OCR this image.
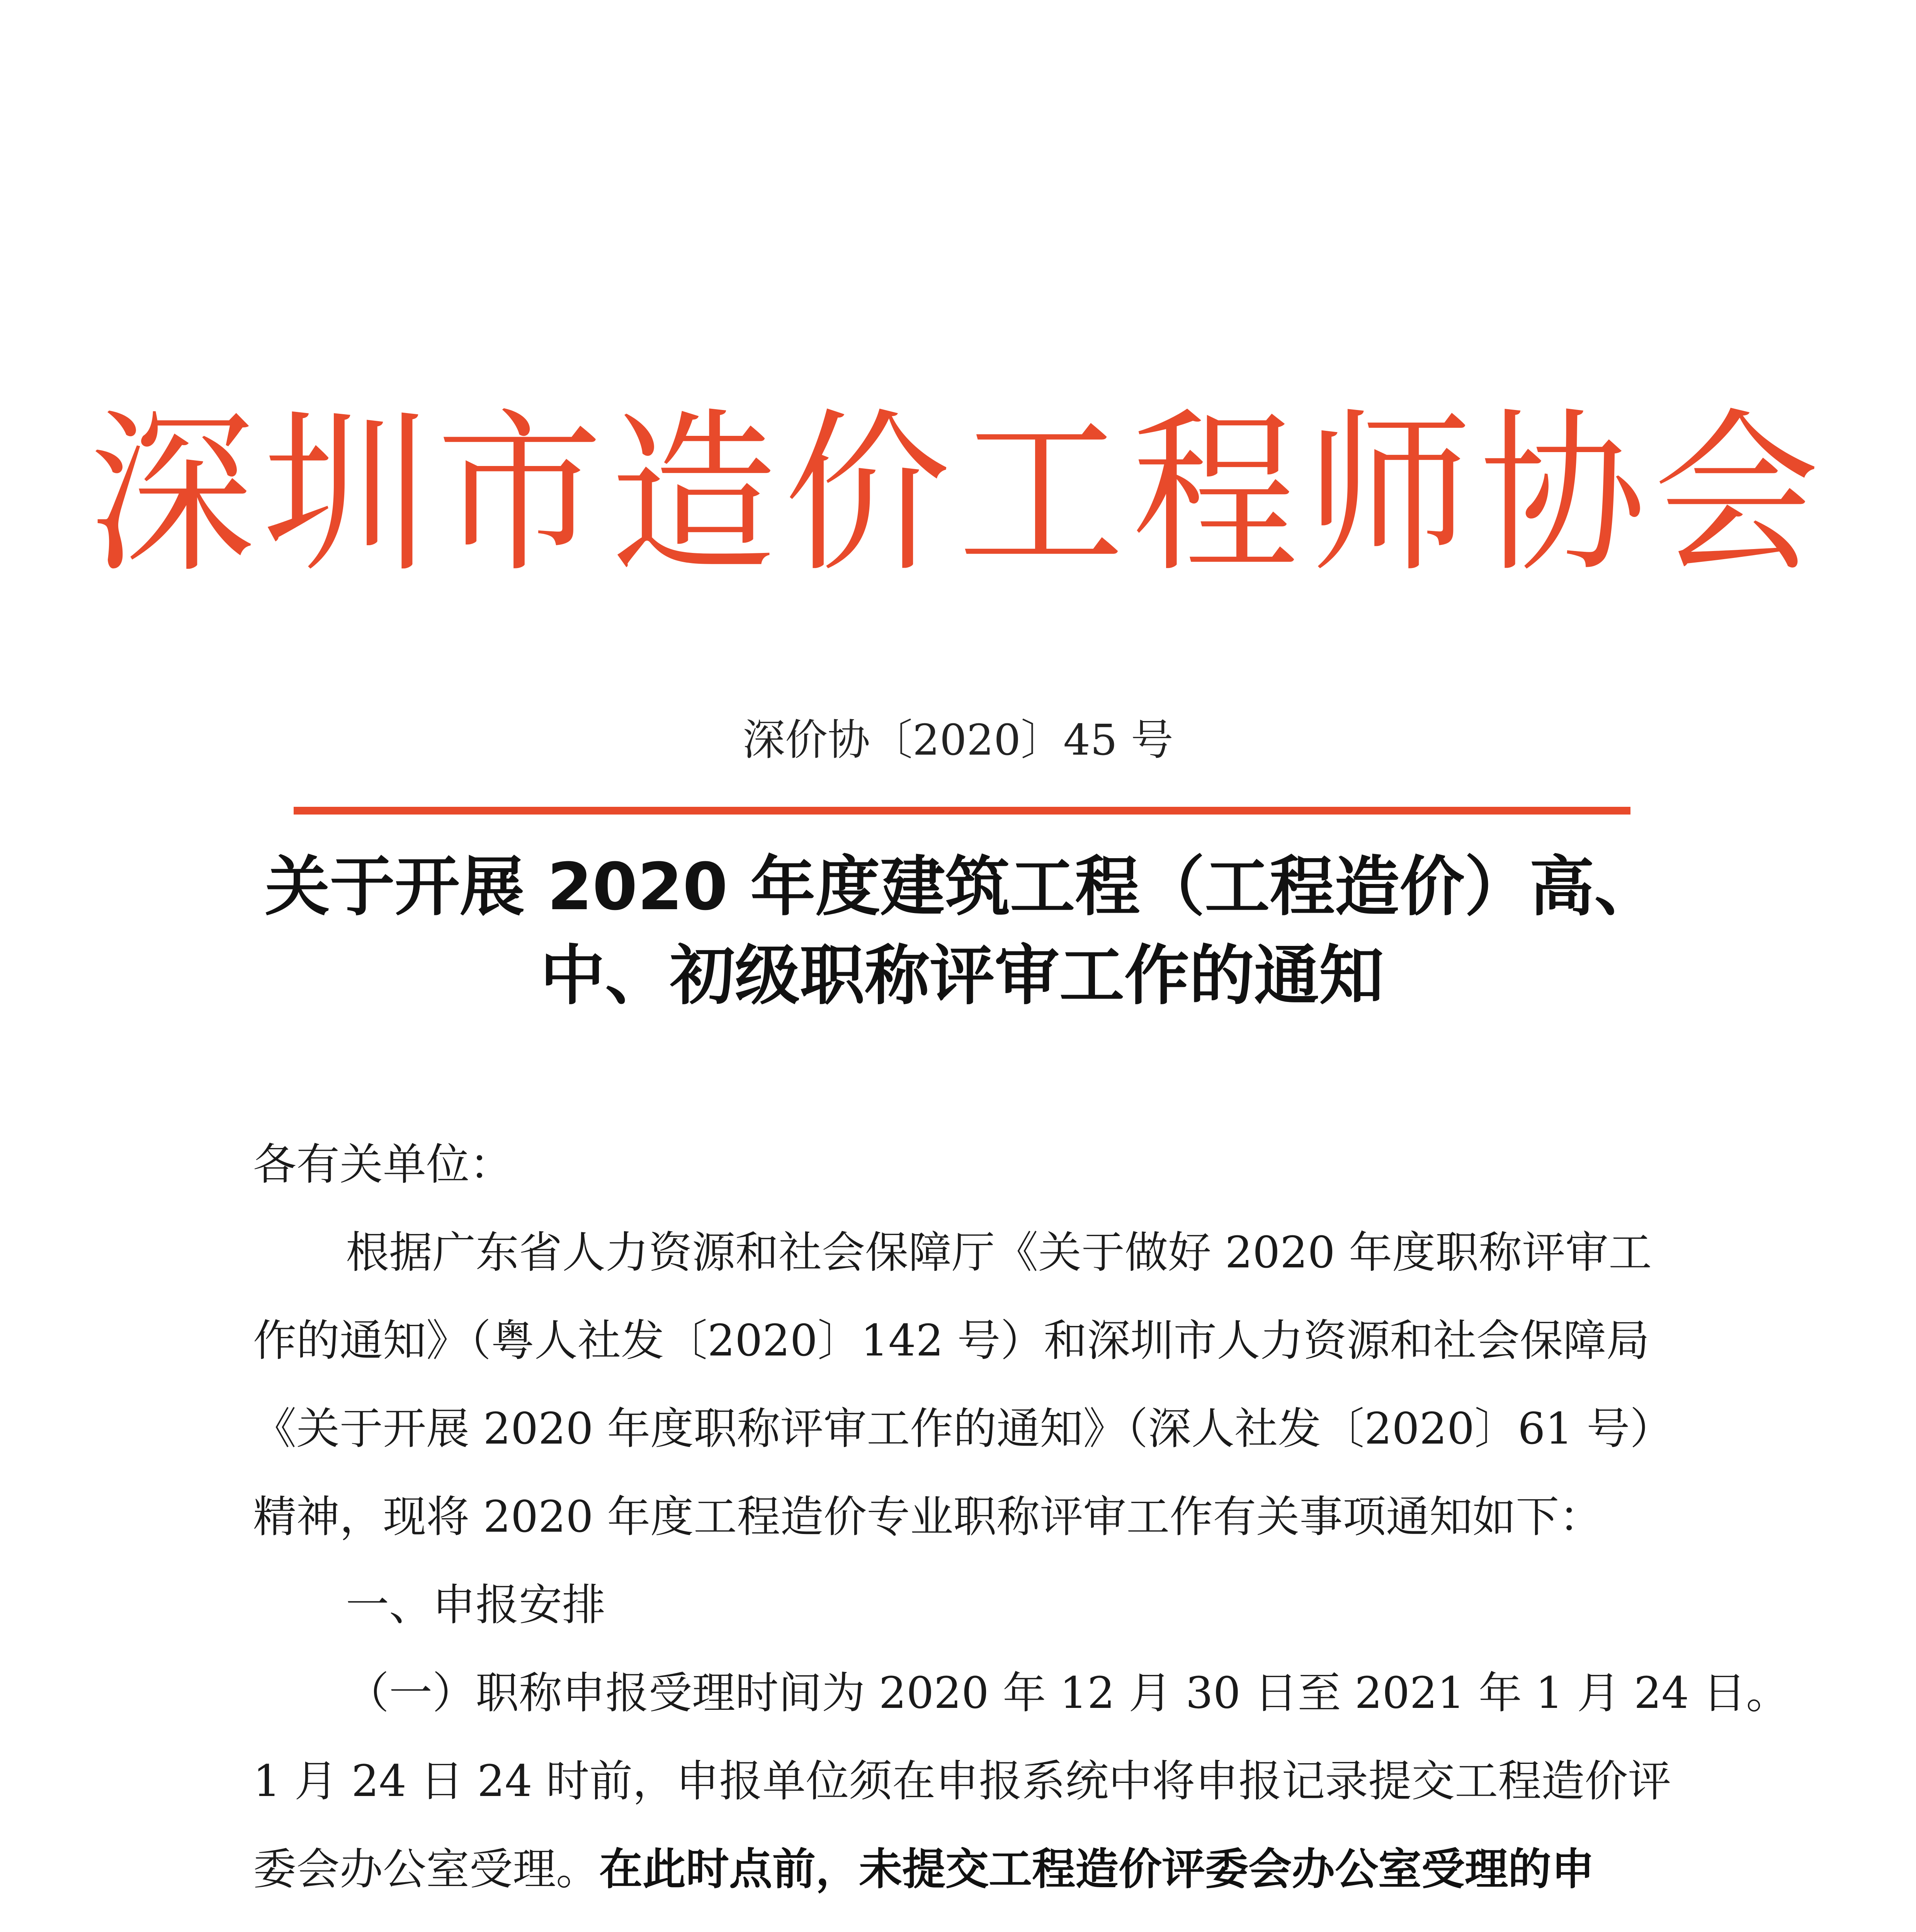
深圳市造价工程师协会
深价协〔2020〕45 号
关于开展 2020 年度建筑工程（工程造价）高、
中、初级职称评审工作的通知
各有关单位：
根据广东省人力资源和社会保障厅《关于做好 2020 年度职称评审工
作的通知》（粤人社发〔2020〕142 号）和深圳市人力资源和社会保障局
《关于开展 2020 年度职称评审工作的通知》（深人社发〔2020〕61 号）
精神，现将 2020 年度工程造价专业职称评审工作有关事项通知如下：
一、申报安排
（一）职称申报受理时间为 2020 年 12 月 30 日至 2021 年 1 月 24 日。
1 月 24 日 24 时前，申报单位须在申报系统中将申报记录提交工程造价评
委会办公室受理。在此时点前，未提交工程造价评委会办公室受理的申
